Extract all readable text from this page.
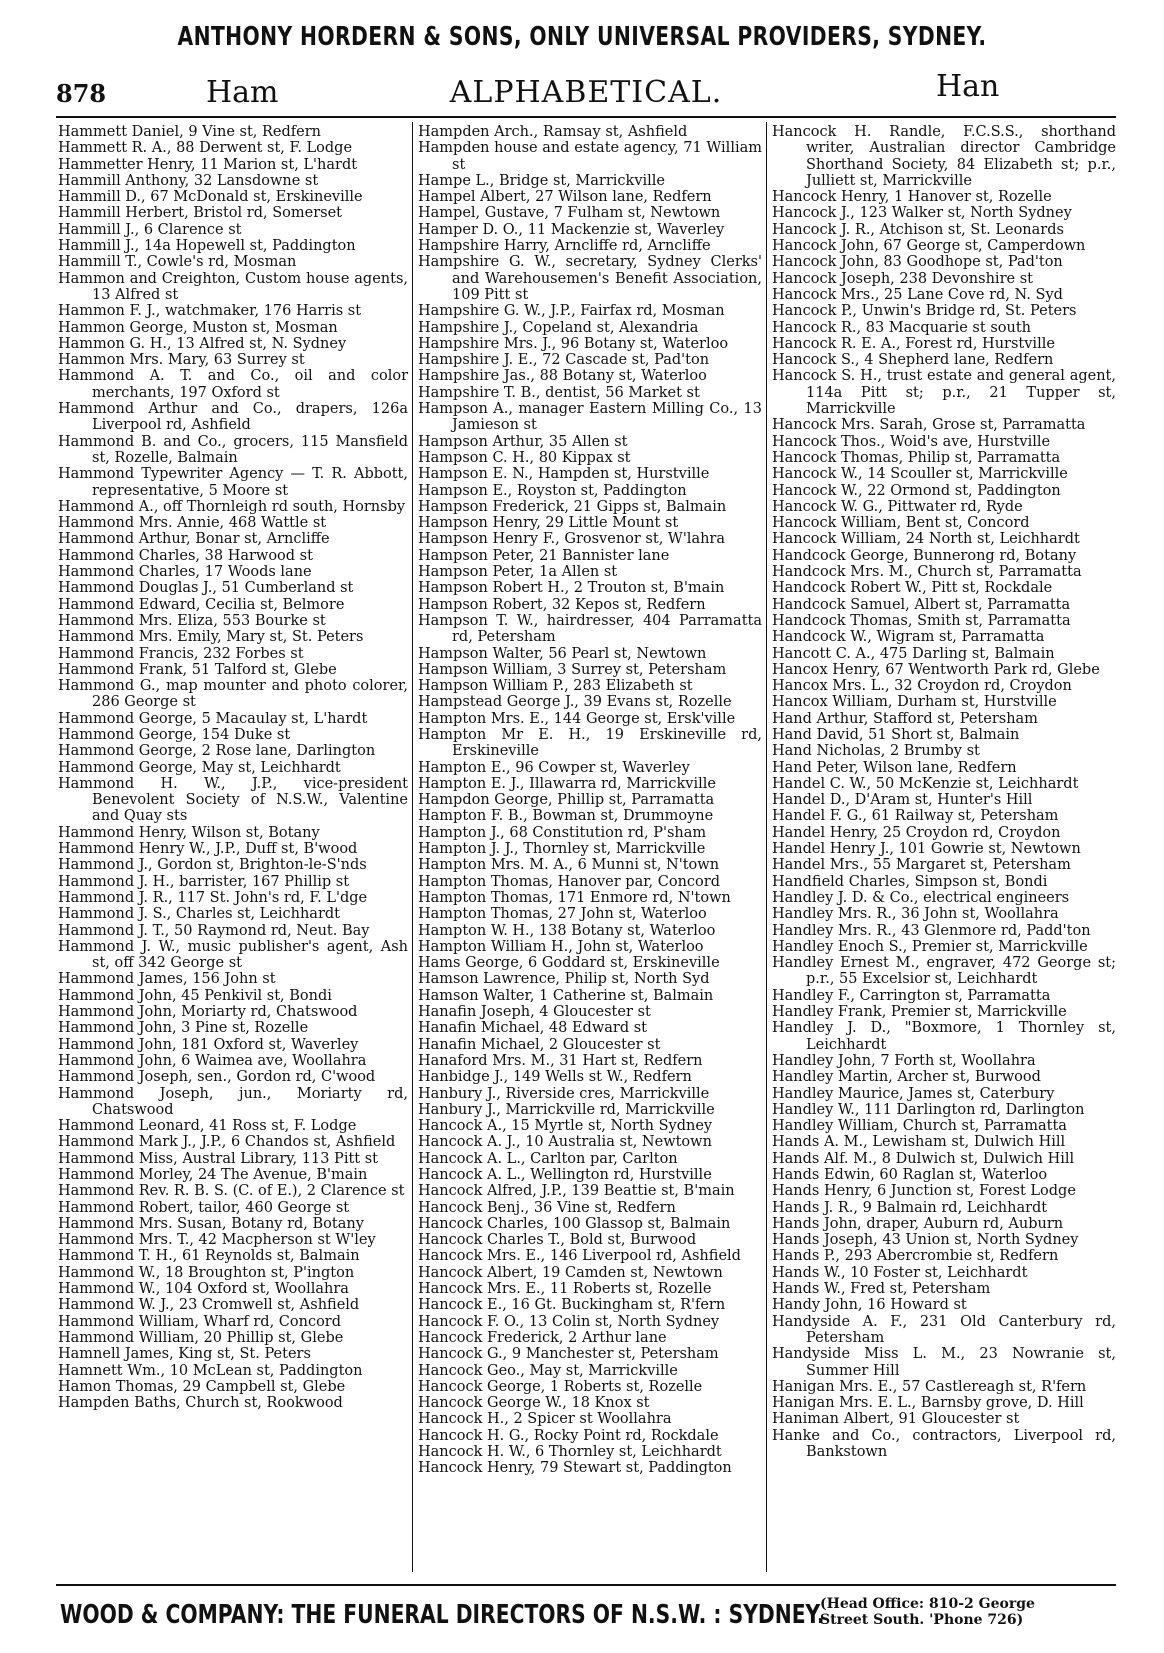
ANTHONY HORDERN & SONS, ONLY UNIVERSAL PROVIDERS, SYDNEY.
878	Ham	ALPHABETICAL.	Han
Hammett Daniel, 9 Vine st, Redfern
Hammett R. A., 88 Derwent st, F. Lodge
Hammetter Henry, 11 Marion st, L'hardt
Hammill Anthony, 32 Lansdowne st
Hammill D., 67 McDonald st, Erskineville
Hammill Herbert, Bristol rd, Somerset
Hammill J., 6 Clarence st
Hammill J., 14a Hopewell st, Paddington
Hammill T., Cowle's rd, Mosman
Hammon and Creighton, Custom house agents, 13 Alfred st
Hammon F. J., watchmaker, 176 Harris st
Hammon George, Muston st, Mosman
Hammon G. H., 13 Alfred st, N. Sydney
Hammon Mrs. Mary, 63 Surrey st
Hammond A. T. and Co., oil and color merchants, 197 Oxford st
Hammond Arthur and Co., drapers, 126a Liverpool rd, Ashfield
Hammond B. and Co., grocers, 115 Mansfield st, Rozelle, Balmain
Hammond Typewriter Agency — T. R. Abbott, representative, 5 Moore st
Hammond A., off Thornleigh rd south, Hornsby
Hammond Mrs. Annie, 468 Wattle st
Hammond Arthur, Bonar st, Arncliffe
Hammond Charles, 38 Harwood st
Hammond Charles, 17 Woods lane
Hammond Douglas J., 51 Cumberland st
Hammond Edward, Cecilia st, Belmore
Hammond Mrs. Eliza, 553 Bourke st
Hammond Mrs. Emily, Mary st, St. Peters
Hammond Francis, 232 Forbes st
Hammond Frank, 51 Talford st, Glebe
Hammond G., map mounter and photo colorer, 286 George st
Hammond George, 5 Macaulay st, L'hardt
Hammond George, 154 Duke st
Hammond George, 2 Rose lane, Darlington
Hammond George, May st, Leichhardt
Hammond H. W., J.P., vice-president Benevolent Society of N.S.W., Valentine and Quay sts
Hammond Henry, Wilson st, Botany
Hammond Henry W., J.P., Duff st, B'wood
Hammond J., Gordon st, Brighton-le-S'nds
Hammond J. H., barrister, 167 Phillip st
Hammond J. R., 117 St. John's rd, F. L'dge
Hammond J. S., Charles st, Leichhardt
Hammond J. T., 50 Raymond rd, Neut. Bay
Hammond J. W., music publisher's agent, Ash st, off 342 George st
Hammond James, 156 John st
Hammond John, 45 Penkivil st, Bondi
Hammond John, Moriarty rd, Chatswood
Hammond John, 3 Pine st, Rozelle
Hammond John, 181 Oxford st, Waverley
Hammond John, 6 Waimea ave, Woollahra
Hammond Joseph, sen., Gordon rd, C'wood
Hammond Joseph, jun., Moriarty rd, Chatswood
Hammond Leonard, 41 Ross st, F. Lodge
Hammond Mark J., J.P., 6 Chandos st, Ashfield
Hammond Miss, Austral Library, 113 Pitt st
Hammond Morley, 24 The Avenue, B'main
Hammond Rev. R. B. S. (C. of E.), 2 Clarence st
Hammond Robert, tailor, 460 George st
Hammond Mrs. Susan, Botany rd, Botany
Hammond Mrs. T., 42 Macpherson st W'ley
Hammond T. H., 61 Reynolds st, Balmain
Hammond W., 18 Broughton st, P'ington
Hammond W., 104 Oxford st, Woollahra
Hammond W. J., 23 Cromwell st, Ashfield
Hammond William, Wharf rd, Concord
Hammond William, 20 Phillip st, Glebe
Hamnell James, King st, St. Peters
Hamnett Wm., 10 McLean st, Paddington
Hamon Thomas, 29 Campbell st, Glebe
Hampden Baths, Church st, Rookwood
Hampden Arch., Ramsay st, Ashfield
Hampden house and estate agency, 71 William st
Hampe L., Bridge st, Marrickville
Hampel Albert, 27 Wilson lane, Redfern
Hampel, Gustave, 7 Fulham st, Newtown
Hamper D. O., 11 Mackenzie st, Waverley
Hampshire Harry, Arncliffe rd, Arncliffe
Hampshire G. W., secretary, Sydney Clerks' and Warehousemen's Benefit Association, 109 Pitt st
Hampshire G. W., J.P., Fairfax rd, Mosman
Hampshire J., Copeland st, Alexandria
Hampshire Mrs. J., 96 Botany st, Waterloo
Hampshire J. E., 72 Cascade st, Pad'ton
Hampshire Jas., 88 Botany st, Waterloo
Hampshire T. B., dentist, 56 Market st
Hampson A., manager Eastern Milling Co., 13 Jamieson st
Hampson Arthur, 35 Allen st
Hampson C. H., 80 Kippax st
Hampson E. N., Hampden st, Hurstville
Hampson E., Royston st, Paddington
Hampson Frederick, 21 Gipps st, Balmain
Hampson Henry, 29 Little Mount st
Hampson Henry F., Grosvenor st, W'lahra
Hampson Peter, 21 Bannister lane
Hampson Peter, 1a Allen st
Hampson Robert H., 2 Trouton st, B'main
Hampson Robert, 32 Kepos st, Redfern
Hampson T. W., hairdresser, 404 Parramatta rd, Petersham
Hampson Walter, 56 Pearl st, Newtown
Hampson William, 3 Surrey st, Petersham
Hampson William P., 283 Elizabeth st
Hampstead George J., 39 Evans st, Rozelle
Hampton Mrs. E., 144 George st, Ersk'ville
Hampton Mr E. H., 19 Erskineville rd, Erskineville
Hampton E., 96 Cowper st, Waverley
Hampton E. J., Illawarra rd, Marrickville
Hampdon George, Phillip st, Parramatta
Hampton F. B., Bowman st, Drummoyne
Hampton J., 68 Constitution rd, P'sham
Hampton J. J., Thornley st, Marrickville
Hampton Mrs. M. A., 6 Munni st, N'town
Hampton Thomas, Hanover par, Concord
Hampton Thomas, 171 Enmore rd, N'town
Hampton Thomas, 27 John st, Waterloo
Hampton W. H., 138 Botany st, Waterloo
Hampton William H., John st, Waterloo
Hams George, 6 Goddard st, Erskineville
Hamson Lawrence, Philip st, North Syd
Hamson Walter, 1 Catherine st, Balmain
Hanafin Joseph, 4 Gloucester st
Hanafin Michael, 48 Edward st
Hanafin Michael, 2 Gloucester st
Hanaford Mrs. M., 31 Hart st, Redfern
Hanbidge J., 149 Wells st W., Redfern
Hanbury J., Riverside cres, Marrickville
Hanbury J., Marrickville rd, Marrickville
Hancock A., 15 Myrtle st, North Sydney
Hancock A. J., 10 Australia st, Newtown
Hancock A. L., Carlton par, Carlton
Hancock A. L., Wellington rd, Hurstville
Hancock Alfred, J.P., 139 Beattie st, B'main
Hancock Benj., 36 Vine st, Redfern
Hancock Charles, 100 Glassop st, Balmain
Hancock Charles T., Bold st, Burwood
Hancock Mrs. E., 146 Liverpool rd, Ashfield
Hancock Albert, 19 Camden st, Newtown
Hancock Mrs. E., 11 Roberts st, Rozelle
Hancock E., 16 Gt. Buckingham st, R'fern
Hancock F. O., 13 Colin st, North Sydney
Hancock Frederick, 2 Arthur lane
Hancock G., 9 Manchester st, Petersham
Hancock Geo., May st, Marrickville
Hancock George, 1 Roberts st, Rozelle
Hancock George W., 18 Knox st
Hancock H., 2 Spicer st Woollahra
Hancock H. G., Rocky Point rd, Rockdale
Hancock H. W., 6 Thornley st, Leichhardt
Hancock Henry, 79 Stewart st, Paddington
Hancock H. Randle, F.C.S.S., shorthand writer, Australian director Cambridge Shorthand Society, 84 Elizabeth st; p.r., Julliett st, Marrickville
Hancock Henry, 1 Hanover st, Rozelle
Hancock J., 123 Walker st, North Sydney
Hancock J. R., Atchison st, St. Leonards
Hancock John, 67 George st, Camperdown
Hancock John, 83 Goodhope st, Pad'ton
Hancock Joseph, 238 Devonshire st
Hancock Mrs., 25 Lane Cove rd, N. Syd
Hancock P., Unwin's Bridge rd, St. Peters
Hancock R., 83 Macquarie st south
Hancock R. E. A., Forest rd, Hurstville
Hancock S., 4 Shepherd lane, Redfern
Hancock S. H., trust estate and general agent, 114a Pitt st; p.r., 21 Tupper st, Marrickville
Hancock Mrs. Sarah, Grose st, Parramatta
Hancock Thos., Woid's ave, Hurstville
Hancock Thomas, Philip st, Parramatta
Hancock W., 14 Scouller st, Marrickville
Hancock W., 22 Ormond st, Paddington
Hancock W. G., Pittwater rd, Ryde
Hancock William, Bent st, Concord
Hancock William, 24 North st, Leichhardt
Handcock George, Bunnerong rd, Botany
Handcock Mrs. M., Church st, Parramatta
Handcock Robert W., Pitt st, Rockdale
Handcock Samuel, Albert st, Parramatta
Handcock Thomas, Smith st, Parramatta
Handcock W., Wigram st, Parramatta
Hancott C. A., 475 Darling st, Balmain
Hancox Henry, 67 Wentworth Park rd, Glebe
Hancox Mrs. L., 32 Croydon rd, Croydon
Hancox William, Durham st, Hurstville
Hand Arthur, Stafford st, Petersham
Hand David, 51 Short st, Balmain
Hand Nicholas, 2 Brumby st
Hand Peter, Wilson lane, Redfern
Handel C. W., 50 McKenzie st, Leichhardt
Handel D., D'Aram st, Hunter's Hill
Handel F. G., 61 Railway st, Petersham
Handel Henry, 25 Croydon rd, Croydon
Handel Henry J., 101 Gowrie st, Newtown
Handel Mrs., 55 Margaret st, Petersham
Handfield Charles, Simpson st, Bondi
Handley J. D. & Co., electrical engineers
Handley Mrs. R., 36 John st, Woollahra
Handley Mrs. R., 43 Glenmore rd, Padd'ton
Handley Enoch S., Premier st, Marrickville
Handley Ernest M., engraver, 472 George st; p.r., 55 Excelsior st, Leichhardt
Handley F., Carrington st, Parramatta
Handley Frank, Premier st, Marrickville
Handley J. D., "Boxmore, 1 Thornley st, Leichhardt
Handley John, 7 Forth st, Woollahra
Handley Martin, Archer st, Burwood
Handley Maurice, James st, Caterbury
Handley W., 111 Darlington rd, Darlington
Handley William, Church st, Parramatta
Hands A. M., Lewisham st, Dulwich Hill
Hands Alf. M., 8 Dulwich st, Dulwich Hill
Hands Edwin, 60 Raglan st, Waterloo
Hands Henry, 6 Junction st, Forest Lodge
Hands J. R., 9 Balmain rd, Leichhardt
Hands John, draper, Auburn rd, Auburn
Hands Joseph, 43 Union st, North Sydney
Hands P., 293 Abercrombie st, Redfern
Hands W., 10 Foster st, Leichhardt
Hands W., Fred st, Petersham
Handy John, 16 Howard st
Handyside A. F., 231 Old Canterbury rd, Petersham
Handyside Miss L. M., 23 Nowranie st, Summer Hill
Hanigan Mrs. E., 57 Castlereagh st, R'fern
Hanigan Mrs. E. L., Barnsby grove, D. Hill
Haniman Albert, 91 Gloucester st
Hanke and Co., contractors, Liverpool rd, Bankstown
WOOD & COMPANY: THE FUNERAL DIRECTORS OF N.S.W. : SYDNEY.
(Head Office: 810-2 George
Street South. 'Phone 726)
